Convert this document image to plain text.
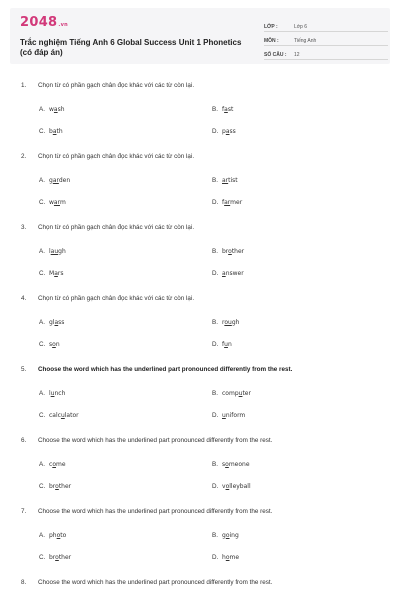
2048.vn
Trắc nghiệm Tiếng Anh 6 Global Success Unit 1 Phonetics (có đáp án)
LỚP :	Lớp 6
MÔN :	Tiếng Anh
SỐ CÂU : 12
1. Chọn từ có phần gạch chân đọc khác với các từ còn lại.
A. wash	B. fast
C. bath	D. pass
2. Chọn từ có phần gạch chân đọc khác với các từ còn lại.
A. garden	B. artist
C. warm	D. farmer
3. Chọn từ có phần gạch chân đọc khác với các từ còn lại.
A. laugh	B. brother
C. Mars	D. answer
4. Chọn từ có phần gạch chân đọc khác với các từ còn lại.
A. glass	B. rough
C. son	D. fun
5. Choose the word which has the underlined part pronounced differently from the rest.
A. lunch	B. computer
C. calculator	D. uniform
6. Choose the word which has the underlined part pronounced differently from the rest.
A. come	B. someone
C. brother	D. volleyball
7. Choose the word which has the underlined part pronounced differently from the rest.
A. photo	B. going
C. brother	D. home
8. Choose the word which has the underlined part pronounced differently from the rest.
